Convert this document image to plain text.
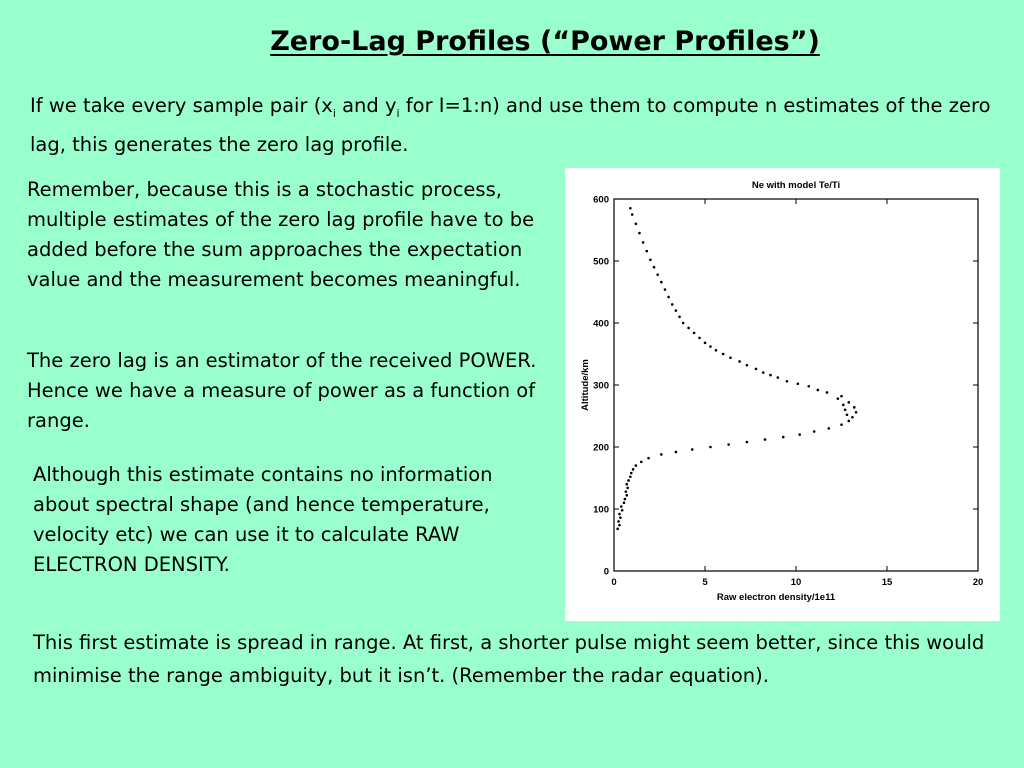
Zero-Lag Profiles (“Power Profiles”)
If we take every sample pair ($x_i$ and $y_i$ for I=1:n) and use them to compute n estimates of the zero lag, this generates the zero lag profile.
Remember, because this is a stochastic process, multiple estimates of the zero lag profile have to be added before the sum approaches the expectation value and the measurement becomes meaningful.
The zero lag is an estimator of the received POWER. Hence we have a measure of power as a function of range.
Although this estimate contains no information about spectral shape (and hence temperature, velocity etc) we can use it to calculate RAW ELECTRON DENSITY.
This first estimate is spread in range. At first, a shorter pulse might seem better, since this would minimise the range ambiguity, but it isn’t. (Remember the radar equation).
Ne with model Te/Ti
0	5	10	15	20
0
100
200
300
400
500
600
Raw electron density/1e11
Altitude/km
